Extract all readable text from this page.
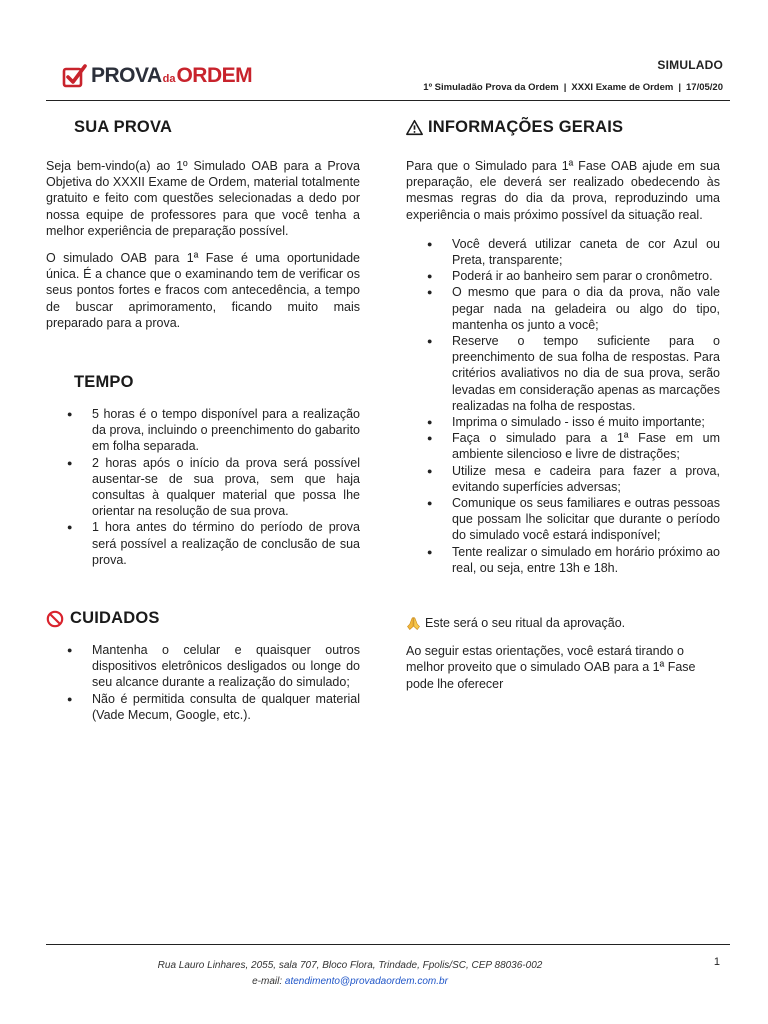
PROVA da ORDEM	SIMULADO
1º Simuladão Prova da Ordem | XXXI Exame de Ordem | 17/05/20
SUA PROVA

Seja bem-vindo(a) ao 1º Simulado OAB para a Prova Objetiva do XXXII Exame de Ordem, material totalmente gratuito e feito com questões selecionadas a dedo por nossa equipe de professores para que você tenha a melhor experiência de preparação possível.

O simulado OAB para 1ª Fase é uma oportunidade única. É a chance que o examinando tem de verificar os seus pontos fortes e fracos com antecedência, a tempo de buscar aprimoramento, ficando muito mais preparado para a prova.

TEMPO
● 5 horas é o tempo disponível para a realização da prova, incluindo o preenchimento do gabarito em folha separada.
● 2 horas após o início da prova será possível ausentar-se de sua prova, sem que haja consultas à qualquer material que possa lhe orientar na resolução de sua prova.
● 1 hora antes do término do período de prova será possível a realização de conclusão de sua prova.
CUIDADOS
● Mantenha o celular e quaisquer outros dispositivos eletrônicos desligados ou longe do seu alcance durante a realização do simulado;
● Não é permitida consulta de qualquer material (Vade Mecum, Google, etc.).
INFORMAÇÕES GERAIS

Para que o Simulado para 1ª Fase OAB ajude em sua preparação, ele deverá ser realizado obedecendo às mesmas regras do dia da prova, reproduzindo uma experiência o mais próximo possível da situação real.

● Você deverá utilizar caneta de cor Azul ou Preta, transparente;
● Poderá ir ao banheiro sem parar o cronômetro.
● O mesmo que para o dia da prova, não vale pegar nada na geladeira ou algo do tipo, mantenha os junto a você;
● Reserve o tempo suficiente para o preenchimento de sua folha de respostas. Para critérios avaliativos no dia de sua prova, serão levadas em consideração apenas as marcações realizadas na folha de respostas.
● Imprima o simulado - isso é muito importante;
● Faça o simulado para a 1ª Fase em um ambiente silencioso e livre de distrações;
● Utilize mesa e cadeira para fazer a prova, evitando superfícies adversas;
● Comunique os seus familiares e outras pessoas que possam lhe solicitar que durante o período do simulado você estará indisponível;
● Tente realizar o simulado em horário próximo ao real, ou seja, entre 13h e 18h.

Este será o seu ritual da aprovação.

Ao seguir estas orientações, você estará tirando o melhor proveito que o simulado OAB para a 1ª Fase pode lhe oferecer

Rua Lauro Linhares, 2055, sala 707, Bloco Flora, Trindade, Fpolis/SC, CEP 88036-002
e-mail: atendimento@provadaordem.com.br
1
